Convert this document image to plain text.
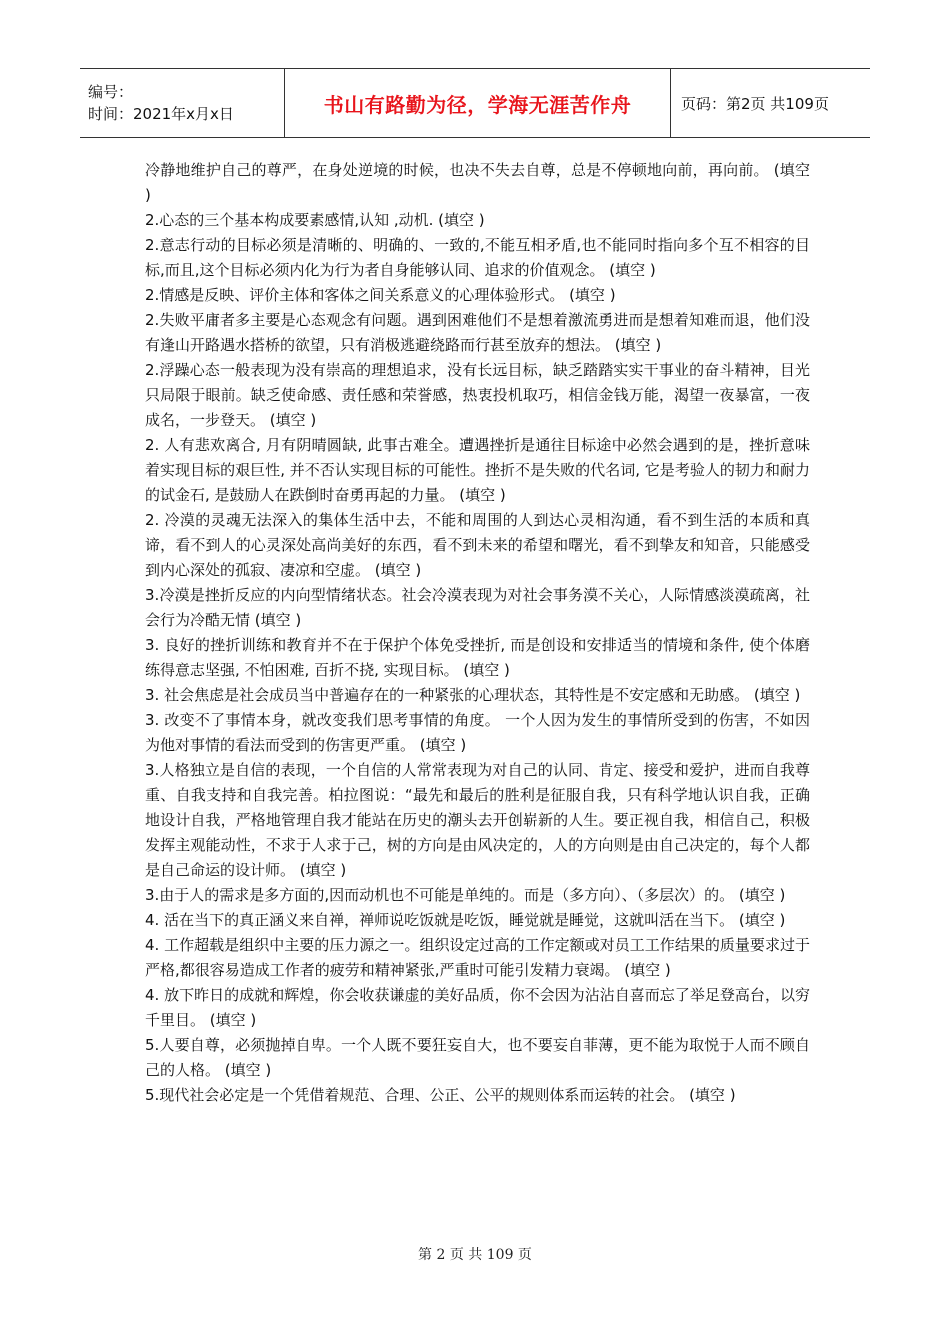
编号：
时间：2021年x月x日	书山有路勤为径，学海无涯苦作舟	页码：第2页 共109页

冷静地维护自己的尊严，在身处逆境的时候，也决不失去自尊，总是不停顿地向前，再向前。 (填空 )

2.心态的三个基本构成要素感情,认知 ,动机. (填空 )

2.意志行动的目标必须是清晰的、明确的、一致的,不能互相矛盾,也不能同时指向多个互不相容的目标,而且,这个目标必须内化为行为者自身能够认同、追求的价值观念。 (填空 )

2.情感是反映、评价主体和客体之间关系意义的心理体验形式。 (填空 )

2.失败平庸者多主要是心态观念有问题。遇到困难他们不是想着激流勇进而是想着知难而退，他们没有逢山开路遇水搭桥的欲望，只有消极逃避绕路而行甚至放弃的想法。 (填空 )

2.浮躁心态一般表现为没有崇高的理想追求，没有长远目标，缺乏踏踏实实干事业的奋斗精神，目光只局限于眼前。缺乏使命感、责任感和荣誉感，热衷投机取巧，相信金钱万能，渴望一夜暴富，一夜成名，一步登天。 (填空 )

2. 人有悲欢离合, 月有阴晴圆缺, 此事古难全。遭遇挫折是通往目标途中必然会遇到的是，挫折意味着实现目标的艰巨性, 并不否认实现目标的可能性。挫折不是失败的代名词, 它是考验人的韧力和耐力的试金石, 是鼓励人在跌倒时奋勇再起的力量。 (填空 )

2. 冷漠的灵魂无法深入的集体生活中去，不能和周围的人到达心灵相沟通，看不到生活的本质和真谛，看不到人的心灵深处高尚美好的东西，看不到未来的希望和曙光，看不到挚友和知音，只能感受到内心深处的孤寂、凄凉和空虚。 (填空 )

3.冷漠是挫折反应的内向型情绪状态。社会冷漠表现为对社会事务漠不关心，人际情感淡漠疏离，社会行为冷酷无情 (填空 )

3. 良好的挫折训练和教育并不在于保护个体免受挫折, 而是创设和安排适当的情境和条件, 使个体磨练得意志坚强, 不怕困难, 百折不挠, 实现目标。 (填空 )

3. 社会焦虑是社会成员当中普遍存在的一种紧张的心理状态，其特性是不安定感和无助感。 (填空 )

3. 改变不了事情本身，就改变我们思考事情的角度。 一个人因为发生的事情所受到的伤害，不如因为他对事情的看法而受到的伤害更严重。 (填空 )

3.人格独立是自信的表现，一个自信的人常常表现为对自己的认同、肯定、接受和爱护，进而自我尊重、自我支持和自我完善。柏拉图说：“最先和最后的胜利是征服自我，只有科学地认识自我，正确地设计自我，严格地管理自我才能站在历史的潮头去开创崭新的人生。要正视自我，相信自己，积极发挥主观能动性，不求于人求于己，树的方向是由风决定的，人的方向则是由自己决定的，每个人都是自己命运的设计师。 (填空 )

3.由于人的需求是多方面的,因而动机也不可能是单纯的。而是（多方向）、（多层次）的。 (填空 )

4. 活在当下的真正涵义来自禅，禅师说吃饭就是吃饭，睡觉就是睡觉，这就叫活在当下。 (填空 )

4. 工作超载是组织中主要的压力源之一。组织设定过高的工作定额或对员工工作结果的质量要求过于严格,都很容易造成工作者的疲劳和精神紧张,严重时可能引发精力衰竭。 (填空 )

4. 放下昨日的成就和辉煌，你会收获谦虚的美好品质，你不会因为沾沾自喜而忘了举足登高台，以穷千里目。 (填空 )

5.人要自尊，必须抛掉自卑。一个人既不要狂妄自大，也不要妄自菲薄，更不能为取悦于人而不顾自己的人格。 (填空 )

5.现代社会必定是一个凭借着规范、合理、公正、公平的规则体系而运转的社会。 (填空 )

第 2 页 共 109 页
